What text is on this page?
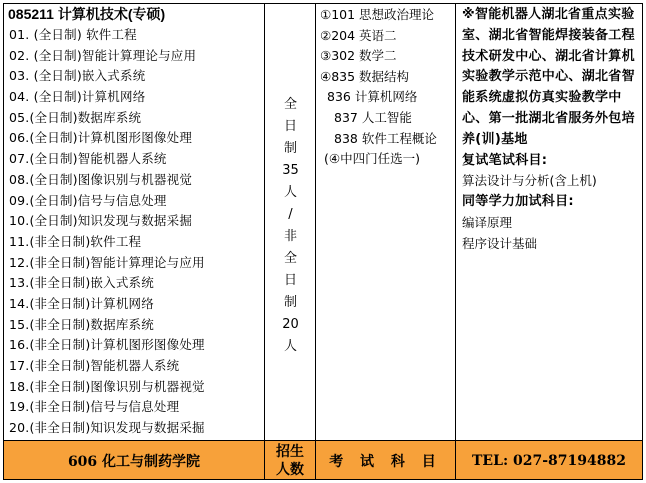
085211 计算机技术(专硕)
01. (全日制) 软件工程
02. (全日制)智能计算理论与应用
03. (全日制)嵌入式系统
04. (全日制)计算机网络
05.(全日制)数据库系统
06.(全日制)计算机图形图像处理
07.(全日制)智能机器人系统
08.(全日制)图像识别与机器视觉
09.(全日制)信号与信息处理
10.(全日制)知识发现与数据采掘
11.(非全日制)软件工程
12.(非全日制)智能计算理论与应用
13.(非全日制)嵌入式系统
14.(非全日制)计算机网络
15.(非全日制)数据库系统
16.(非全日制)计算机图形图像处理
17.(非全日制)智能机器人系统
18.(非全日制)图像识别与机器视觉
19.(非全日制)信号与信息处理
20.(非全日制)知识发现与数据采掘
全
日
制
35
人
/
非
全
日
制
20
人
①101 思想政治理论
②204 英语二
③302 数学二
④835 数据结构
836 计算机网络
837 人工智能
838 软件工程概论
(④中四门任选一)
※智能机器人湖北省重点实验室、湖北省智能焊接装备工程技术研发中心、湖北省计算机实验教学示范中心、湖北省智能系统虚拟仿真实验教学中心、第一批湖北省服务外包培养(训)基地
复试笔试科目:
算法设计与分析(含上机)
同等学力加试科目:
编译原理
程序设计基础
606 化工与制药学院
招生
人数	考 试 科 目	TEL: 027-87194882
